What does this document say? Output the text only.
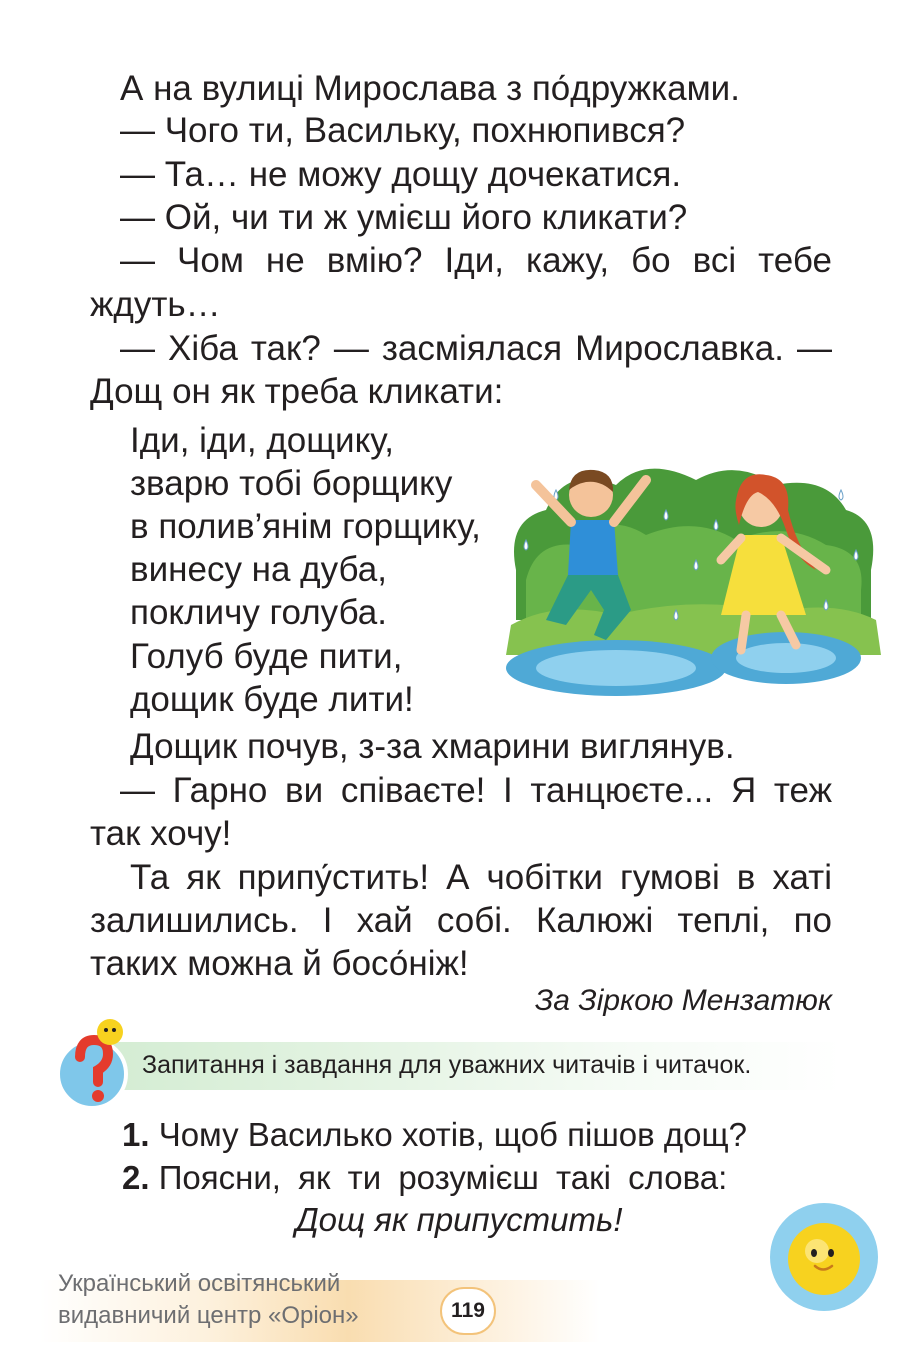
А на вулиці Мирослава з по́дружками.
— Чого ти, Васильку, похнюпився?
— Та… не можу дощу дочекатися.
— Ой, чи ти ж умієш його кликати?
— Чом не вмію? Іди, кажу, бо всі тебе
ждуть…
— Хіба так? — засміялася Мирославка. —
Дощ он як треба кликати:
Іди, іди, дощику,
зварю тобі борщику
в полив’янім горщику,
винесу на дуба,
покличу голуба.
Голуб буде пити,
дощик буде лити!
Дощик почув, з-за хмарини виглянув.
— Гарно ви співаєте! І танцюєте... Я теж
так хочу!
Та як припу́стить! А чобітки гумові в хаті
залишились. І хай собі. Калюжі теплі, по
таких можна й босо́ніж!
За Зіркою Мензатюк
Запитання і завдання для уважних читачів і читачок.
1. Чому Василько хотів, щоб пішов дощ?
2. Поясни, як ти розумієш такі слова:
Дощ як припустить!
Український освітянський
видавничий центр «Оріон»	119
